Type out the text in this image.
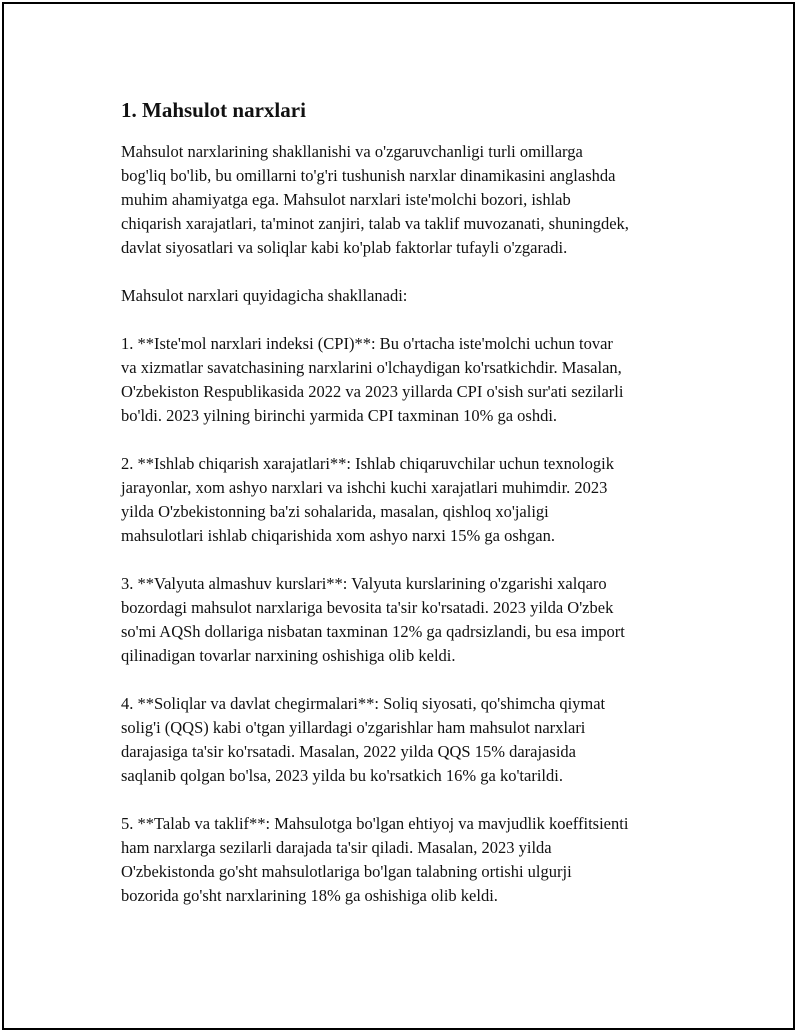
1. Mahsulot narxlari

Mahsulot narxlarining shakllanishi va o'zgaruvchanligi turli omillarga
bog'liq bo'lib, bu omillarni to'g'ri tushunish narxlar dinamikasini anglashda
muhim ahamiyatga ega. Mahsulot narxlari iste'molchi bozori, ishlab
chiqarish xarajatlari, ta'minot zanjiri, talab va taklif muvozanati, shuningdek,
davlat siyosatlari va soliqlar kabi ko'plab faktorlar tufayli o'zgaradi.

Mahsulot narxlari quyidagicha shakllanadi:

1. **Iste'mol narxlari indeksi (CPI)**: Bu o'rtacha iste'molchi uchun tovar
va xizmatlar savatchasining narxlarini o'lchaydigan ko'rsatkichdir. Masalan,
O'zbekiston Respublikasida 2022 va 2023 yillarda CPI o'sish sur'ati sezilarli
bo'ldi. 2023 yilning birinchi yarmida CPI taxminan 10% ga oshdi.

2. **Ishlab chiqarish xarajatlari**: Ishlab chiqaruvchilar uchun texnologik
jarayonlar, xom ashyo narxlari va ishchi kuchi xarajatlari muhimdir. 2023
yilda O'zbekistonning ba'zi sohalarida, masalan, qishloq xo'jaligi
mahsulotlari ishlab chiqarishida xom ashyo narxi 15% ga oshgan.

3. **Valyuta almashuv kurslari**: Valyuta kurslarining o'zgarishi xalqaro
bozordagi mahsulot narxlariga bevosita ta'sir ko'rsatadi. 2023 yilda O'zbek
so'mi AQSh dollariga nisbatan taxminan 12% ga qadrsizlandi, bu esa import
qilinadigan tovarlar narxining oshishiga olib keldi.

4. **Soliqlar va davlat chegirmalari**: Soliq siyosati, qo'shimcha qiymat
solig'i (QQS) kabi o'tgan yillardagi o'zgarishlar ham mahsulot narxlari
darajasiga ta'sir ko'rsatadi. Masalan, 2022 yilda QQS 15% darajasida
saqlanib qolgan bo'lsa, 2023 yilda bu ko'rsatkich 16% ga ko'tarildi.

5. **Talab va taklif**: Mahsulotga bo'lgan ehtiyoj va mavjudlik koeffitsienti
ham narxlarga sezilarli darajada ta'sir qiladi. Masalan, 2023 yilda
O'zbekistonda go'sht mahsulotlariga bo'lgan talabning ortishi ulgurji
bozorida go'sht narxlarining 18% ga oshishiga olib keldi.
